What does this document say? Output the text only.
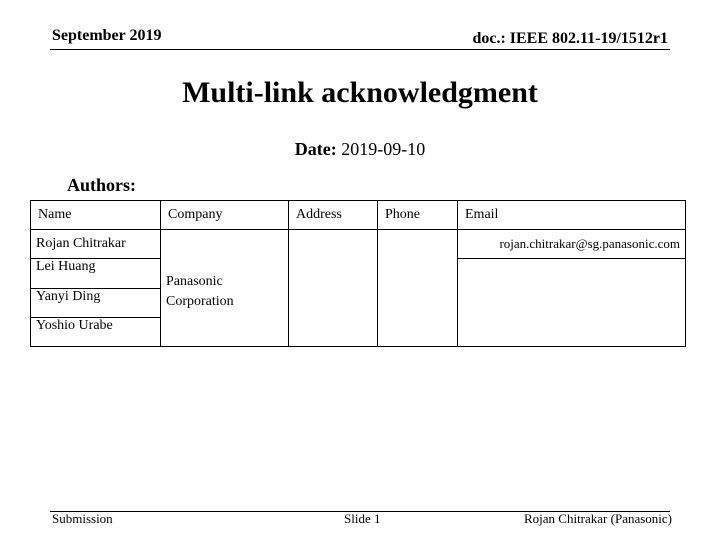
September 2019	doc.: IEEE 802.11-19/1512r1
Multi-link acknowledgment
Date: 2019-09-10
Authors:
Name	Company	Address	Phone	Email
Rojan Chitrakar	Panasonic Corporation			rojan.chitrakar@sg.panasonic.com
Lei Huang				
Yanyi Ding				
Yoshio Urabe				
Submission	Slide 1	Rojan Chitrakar (Panasonic)
